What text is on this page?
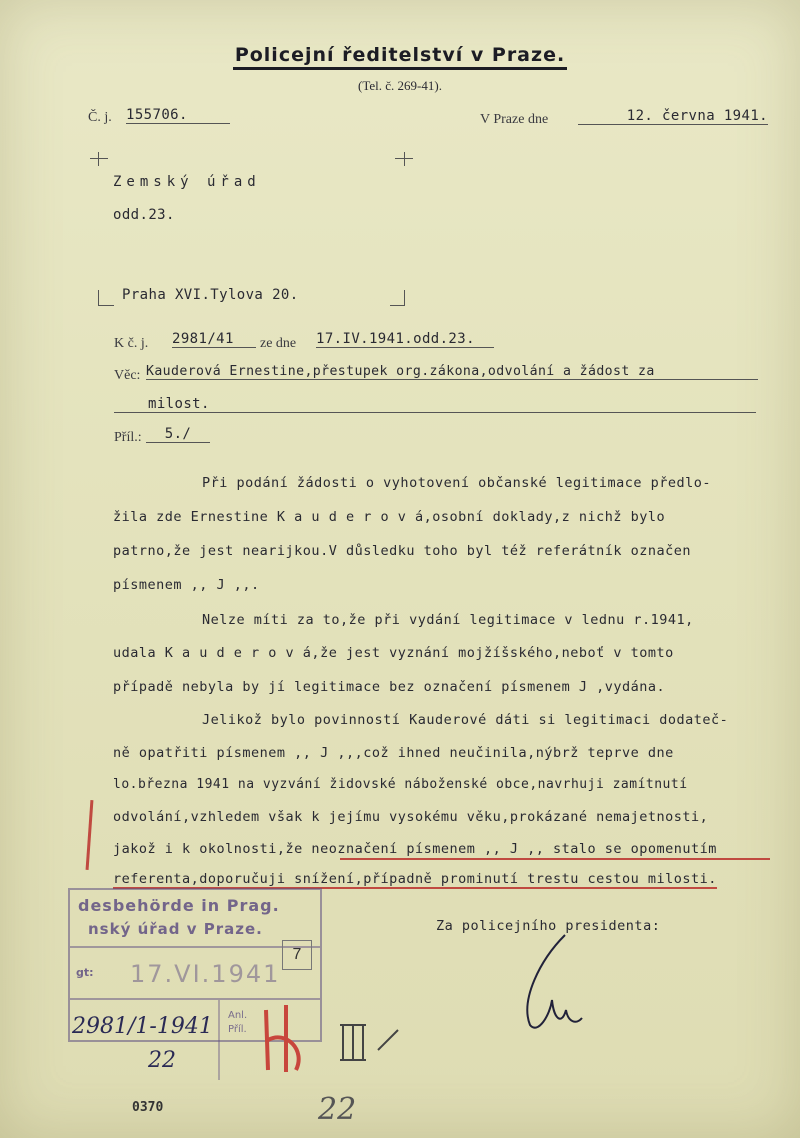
Policejní ředitelství v Praze.
(Tel. č. 269-41).
Č. j. 155706.	V Praze dne	12. června 1941.
Zemský úřad
odd.23.
Praha XVI.Tylova 20.
K č. j. 2981/41	ze dne 17.IV.1941.odd.23.
Věc: Kauderová Ernestine,přestupek org.zákona,odvolání a žádost za
milost.
Příl.:	5./
Při podání žádosti o vyhotovení občanské legitimace předlo-
žila zde Ernestine K a u d e r o v á,osobní doklady,z nichž bylo
patrno,že jest nearijkou.V důsledku toho byl též referátník označen
písmenem ,, J ,,.
Nelze míti za to,že při vydání legitimace v lednu r.1941,
udala K a u d e r o v á,že jest vyznání mojžíšského,neboť v tomto
případě nebyla by jí legitimace bez označení písmenem J ,vydána.
Jelikož bylo povinností Kauderové dáti si legitimaci dodateč-
ně opatřiti písmenem ,, J ,,,což ihned neučinila,nýbrž teprve dne
lo.března 1941 na vyzvání židovské náboženské obce,navrhuji zamítnutí
odvolání,vzhledem však k jejímu vysokému věku,prokázané nemajetnosti,
jakož i k okolnosti,že neoznačení písmenem ,, J ,, stalo se opomenutím
referenta,doporučuji snížení,případně prominutí trestu cestou milosti.
Za policejního presidenta:
desbehörde in Prag.
nský úřad v Praze.
gt: 17.VI.1941
7
2981/1-1941
22
Anl.
Příl.
0370	22
